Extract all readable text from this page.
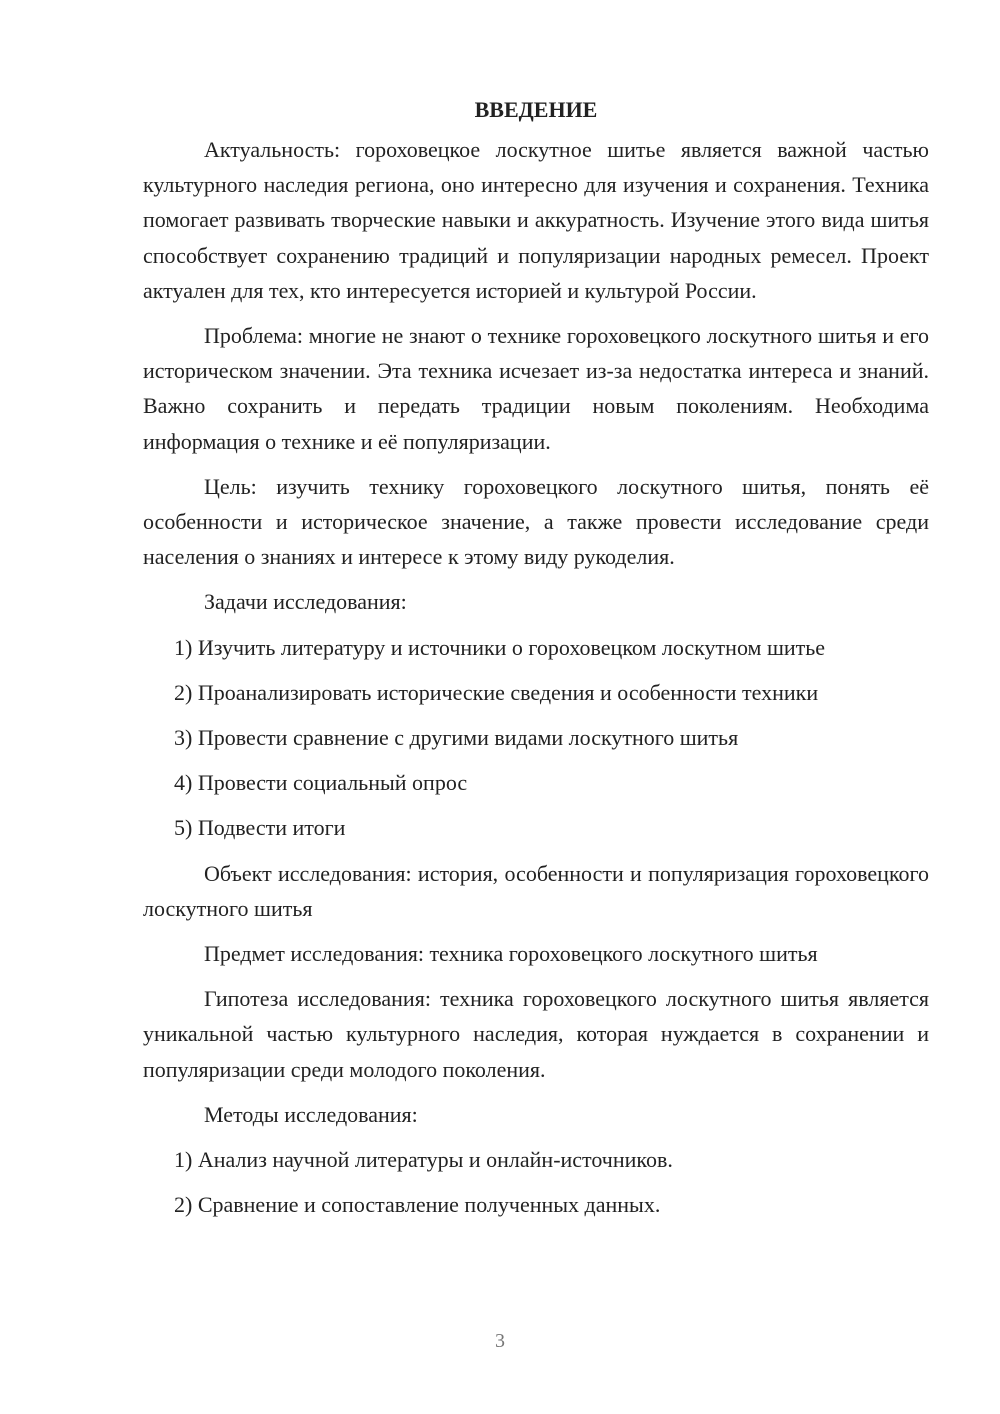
ВВЕДЕНИЕ

Актуальность: гороховецкое лоскутное шитье является важной частью культурного наследия региона, оно интересно для изучения и сохранения. Техника помогает развивать творческие навыки и аккуратность. Изучение этого вида шитья способствует сохранению традиций и популяризации народных ремесел. Проект актуален для тех, кто интересуется историей и культурой России.

Проблема: многие не знают о технике гороховецкого лоскутного шитья и его историческом значении. Эта техника исчезает из-за недостатка интереса и знаний. Важно сохранить и передать традиции новым поколениям. Необходима информация о технике и её популяризации.

Цель: изучить технику гороховецкого лоскутного шитья, понять её особенности и историческое значение, а также провести исследование среди населения о знаниях и интересе к этому виду рукоделия.

Задачи исследования:

1) Изучить литературу и источники о гороховецком лоскутном шитье
2) Проанализировать исторические сведения и особенности техники
3) Провести сравнение с другими видами лоскутного шитья
4) Провести социальный опрос
5) Подвести итоги

Объект исследования: история, особенности и популяризация гороховецкого лоскутного шитья

Предмет исследования: техника гороховецкого лоскутного шитья

Гипотеза исследования: техника гороховецкого лоскутного шитья является уникальной частью культурного наследия, которая нуждается в сохранении и популяризации среди молодого поколения.

Методы исследования:

1) Анализ научной литературы и онлайн-источников.
2) Сравнение и сопоставление полученных данных.
3
